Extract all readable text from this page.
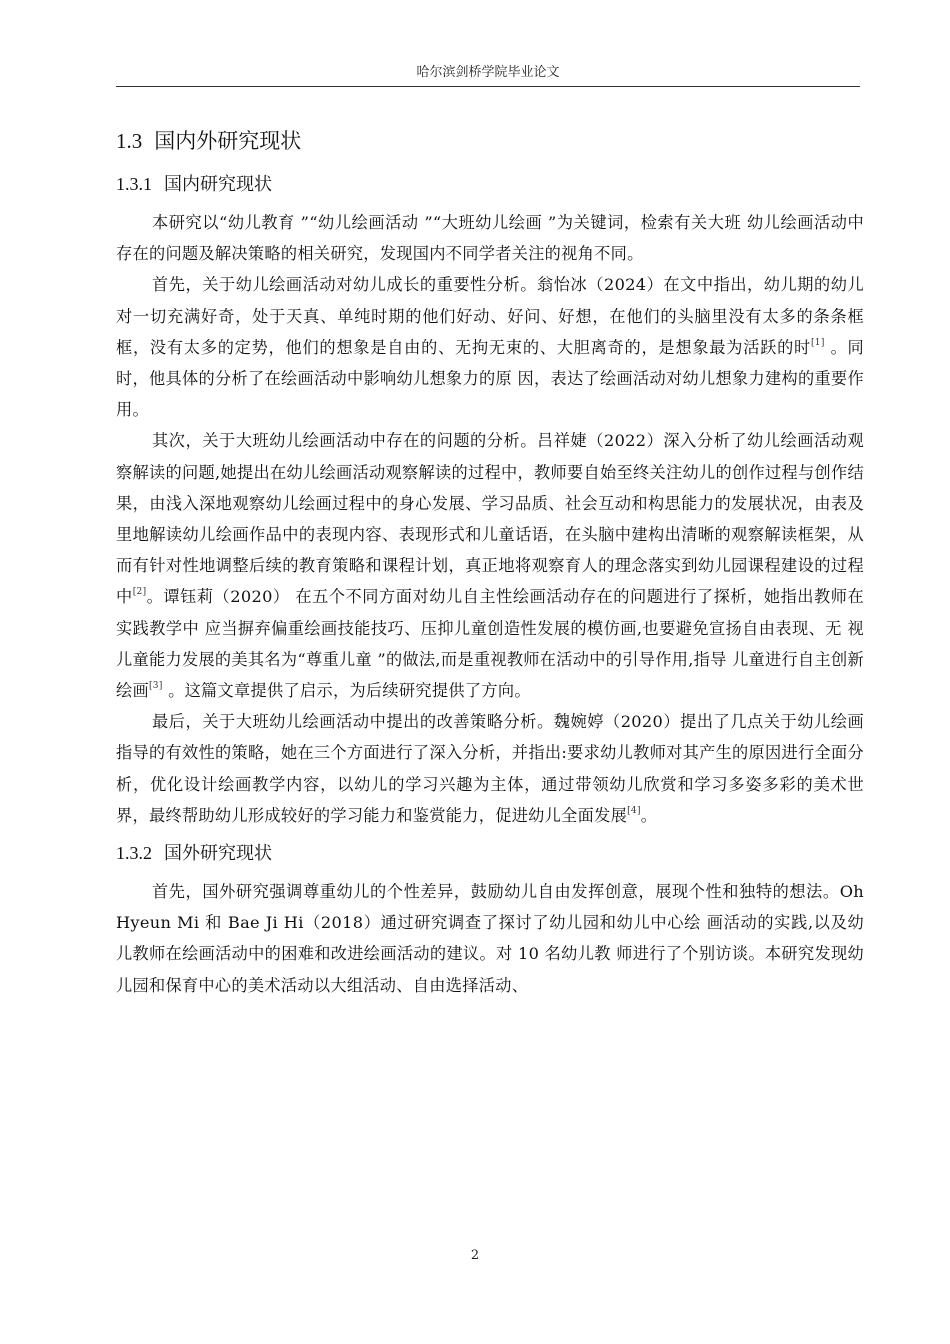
哈尔滨剑桥学院毕业论文
1.3 国内外研究现状
1.3.1 国内研究现状

本研究以“幼儿教育 ”“幼儿绘画活动 ”“大班幼儿绘画 ”为关键词，检索有关大班 幼儿绘画活动中存在的问题及解决策略的相关研究，发现国内不同学者关注的视角不同。

首先，关于幼儿绘画活动对幼儿成长的重要性分析。翁怡冰（2024）在文中指出，幼儿期的幼儿对一切充满好奇，处于天真、单纯时期的他们好动、好问、好想，在他们的头脑里没有太多的条条框框，没有太多的定势，他们的想象是自由的、无拘无束的、大胆离奇的，是想象最为活跃的时[1] 。同时，他具体的分析了在绘画活动中影响幼儿想象力的原 因，表达了绘画活动对幼儿想象力建构的重要作用。

其次，关于大班幼儿绘画活动中存在的问题的分析。吕祥婕（2022）深入分析了幼儿绘画活动观察解读的问题,她提出在幼儿绘画活动观察解读的过程中，教师要自始至终关注幼儿的创作过程与创作结果，由浅入深地观察幼儿绘画过程中的身心发展、学习品质、社会互动和构思能力的发展状况，由表及里地解读幼儿绘画作品中的表现内容、表现形式和儿童话语，在头脑中建构出清晰的观察解读框架，从而有针对性地调整后续的教育策略和课程计划，真正地将观察育人的理念落实到幼儿园课程建设的过程中[2]。谭钰莉（2020） 在五个不同方面对幼儿自主性绘画活动存在的问题进行了探析，她指出教师在实践教学中 应当摒弃偏重绘画技能技巧、压抑儿童创造性发展的模仿画,也要避免宣扬自由表现、无 视儿童能力发展的美其名为“尊重儿童 ”的做法,而是重视教师在活动中的引导作用,指导 儿童进行自主创新绘画[3] 。这篇文章提供了启示，为后续研究提供了方向。

最后，关于大班幼儿绘画活动中提出的改善策略分析。魏婉婷（2020）提出了几点关于幼儿绘画指导的有效性的策略，她在三个方面进行了深入分析，并指出:要求幼儿教师对其产生的原因进行全面分析，优化设计绘画教学内容，以幼儿的学习兴趣为主体，通过带领幼儿欣赏和学习多姿多彩的美术世界，最终帮助幼儿形成较好的学习能力和鉴赏能力，促进幼儿全面发展[4]。

1.3.2 国外研究现状

首先，国外研究强调尊重幼儿的个性差异，鼓励幼儿自由发挥创意，展现个性和独特的想法。Oh Hyeun Mi 和 Bae Ji Hi（2018）通过研究调查了探讨了幼儿园和幼儿中心绘 画活动的实践,以及幼儿教师在绘画活动中的困难和改进绘画活动的建议。对 10 名幼儿教 师进行了个别访谈。本研究发现幼儿园和保育中心的美术活动以大组活动、自由选择活动、

2
